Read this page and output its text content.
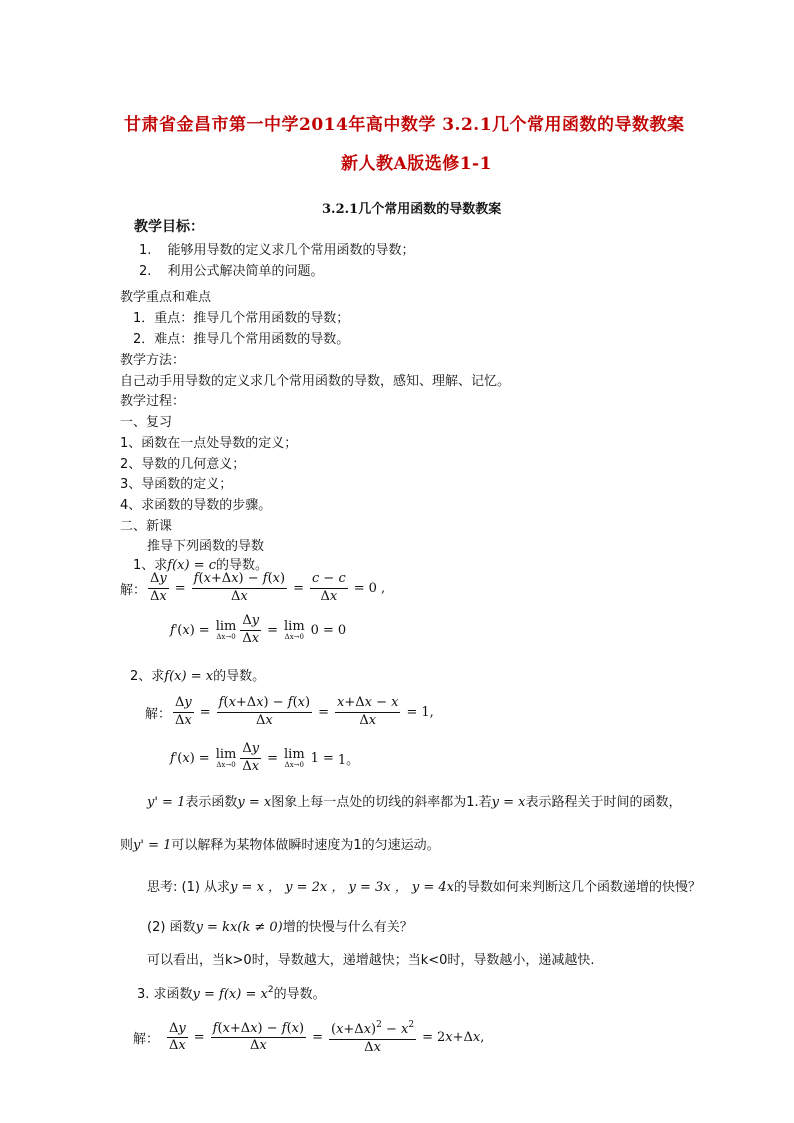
甘肃省金昌市第一中学2014年高中数学 3.2.1几个常用函数的导数教案
新人教A版选修1-1
3.2.1几个常用函数的导数教案
教学目标：
1. 能够用导数的定义求几个常用函数的导数；
2. 利用公式解决简单的问题。
教学重点和难点
1．重点：推导几个常用函数的导数；
2．难点：推导几个常用函数的导数。
教学方法：
自己动手用导数的定义求几个常用函数的导数，感知、理解、记忆。
教学过程：
一、复习
1、函数在一点处导数的定义；
2、导数的几何意义；
3、导函数的定义；
4、求函数的导数的步骤。
二、新课
推导下列函数的导数
1、求f(x) = c的导数。
解： $\frac{\Delta y}{\Delta x} = \frac{f(x+\Delta x) - f(x)}{\Delta x} = \frac{c - c}{\Delta x} = 0$ ,
f ' ( x ) = lim
$\Delta x\to 0 \frac{\Delta y}{\Delta x} = \lim$
Δx→0 0 = 0
2、求f(x) = x的导数。
解： $\frac{\Delta y}{\Delta x} = \frac{f(x+\Delta x) - f(x)}{\Delta x} = \frac{x+\Delta x - x}{\Delta x} = 1$,
f ' ( x ) = lim
$\Delta x\to 0 \frac{\Delta y}{\Delta x} = \lim$
Δx→0 1 = 1。
y' = 1表示函数y = x图象上每一点处的切线的斜率都为1.若y = x表示路程关于时间的函数，
则y' = 1可以解释为某物体做瞬时速度为1的匀速运动。
思考: (1) 从求y = x ， y = 2x ， y = 3x ， y = 4x的导数如何来判断这几个函数递增的快慢？
(2) 函数y = kx(k ≠ 0)增的快慢与什么有关？
可以看出，当k>0时，导数越大，递增越快；当k<0时，导数越小，递减越快.
3. 求函数$y = f(x) = x^2$的导数。
解： $\frac{\Delta y}{\Delta x} = \frac{f(x+\Delta x) - f(x)}{\Delta x} = \frac{(x+\Delta x)^2 - x^2}{\Delta x} = 2$ x +Δ x ,
